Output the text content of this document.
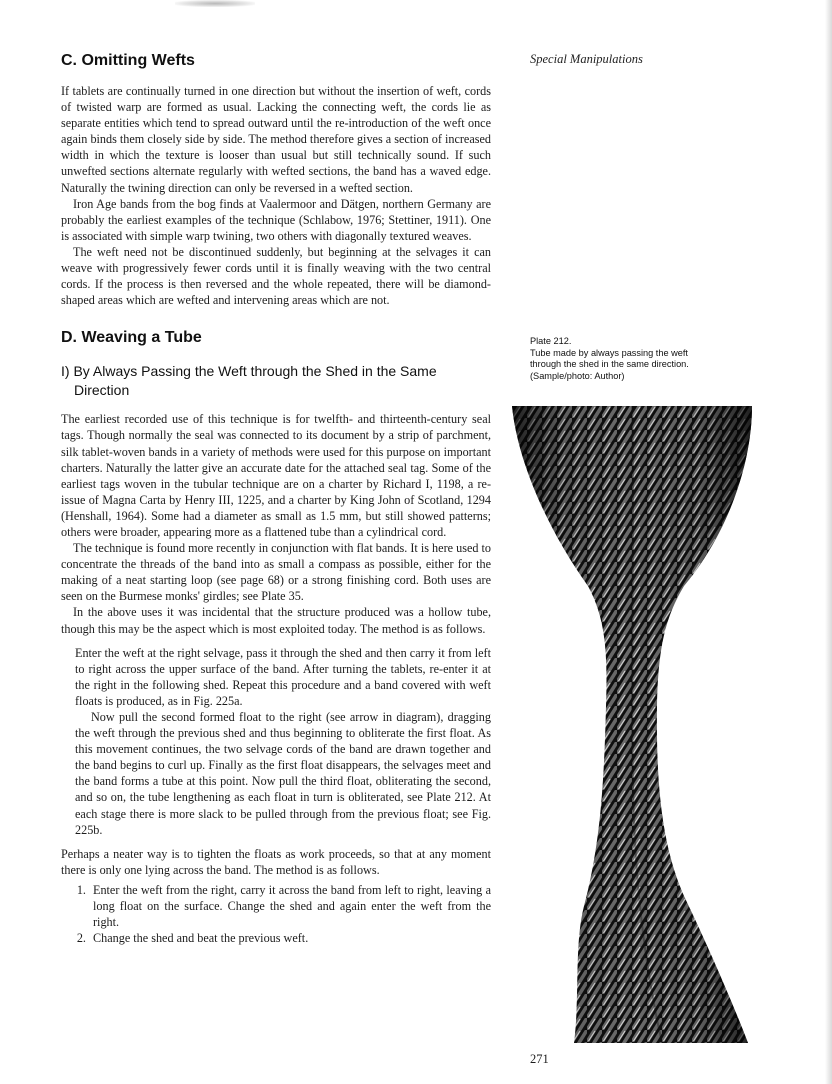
Special Manipulations
C. Omitting Wefts

If tablets are continually turned in one direction but without the insertion of weft, cords of twisted warp are formed as usual. Lacking the connecting weft, the cords lie as separate entities which tend to spread outward until the re-introduction of the weft once again binds them closely side by side. The method therefore gives a section of increased width in which the texture is looser than usual but still technically sound. If such unwefted sections alternate regularly with wefted sections, the band has a waved edge. Naturally the twining direction can only be reversed in a wefted section.

Iron Age bands from the bog finds at Vaalermoor and Dätgen, northern Germany are probably the earliest examples of the technique (Schlabow, 1976; Stettiner, 1911). One is associated with simple warp twining, two others with diagonally textured weaves.

The weft need not be discontinued suddenly, but beginning at the selvages it can weave with progressively fewer cords until it is finally weaving with the two central cords. If the process is then reversed and the whole repeated, there will be diamond-shaped areas which are wefted and intervening areas which are not.

D. Weaving a Tube
I) By Always Passing the Weft through the Shed in the Same Direction

The earliest recorded use of this technique is for twelfth- and thirteenth-century seal tags. Though normally the seal was connected to its document by a strip of parchment, silk tablet-woven bands in a variety of methods were used for this purpose on important charters. Naturally the latter give an accurate date for the attached seal tag. Some of the earliest tags woven in the tubular technique are on a charter by Richard I, 1198, a re-issue of Magna Carta by Henry III, 1225, and a charter by King John of Scotland, 1294 (Henshall, 1964). Some had a diameter as small as 1.5 mm, but still showed patterns; others were broader, appearing more as a flattened tube than a cylindrical cord.

The technique is found more recently in conjunction with flat bands. It is here used to concentrate the threads of the band into as small a compass as possible, either for the making of a neat starting loop (see page 68) or a strong finishing cord. Both uses are seen on the Burmese monks' girdles; see Plate 35.

In the above uses it was incidental that the structure produced was a hollow tube, though this may be the aspect which is most exploited today. The method is as follows.

Enter the weft at the right selvage, pass it through the shed and then carry it from left to right across the upper surface of the band. After turning the tablets, re-enter it at the right in the following shed. Repeat this procedure and a band covered with weft floats is produced, as in Fig. 225a.

Now pull the second formed float to the right (see arrow in diagram), dragging the weft through the previous shed and thus beginning to obliterate the first float. As this movement continues, the two selvage cords of the band are drawn together and the band begins to curl up. Finally as the first float disappears, the selvages meet and the band forms a tube at this point. Now pull the third float, obliterating the second, and so on, the tube lengthening as each float in turn is obliterated, see Plate 212. At each stage there is more slack to be pulled through from the previous float; see Fig. 225b.

Perhaps a neater way is to tighten the floats as work proceeds, so that at any moment there is only one lying across the band. The method is as follows.

1. Enter the weft from the right, carry it across the band from left to right, leaving a long float on the surface. Change the shed and again enter the weft from the right.
2. Change the shed and beat the previous weft.
Plate 212.
Tube made by always passing the weft
through the shed in the same direction.
(Sample/photo: Author)
271
